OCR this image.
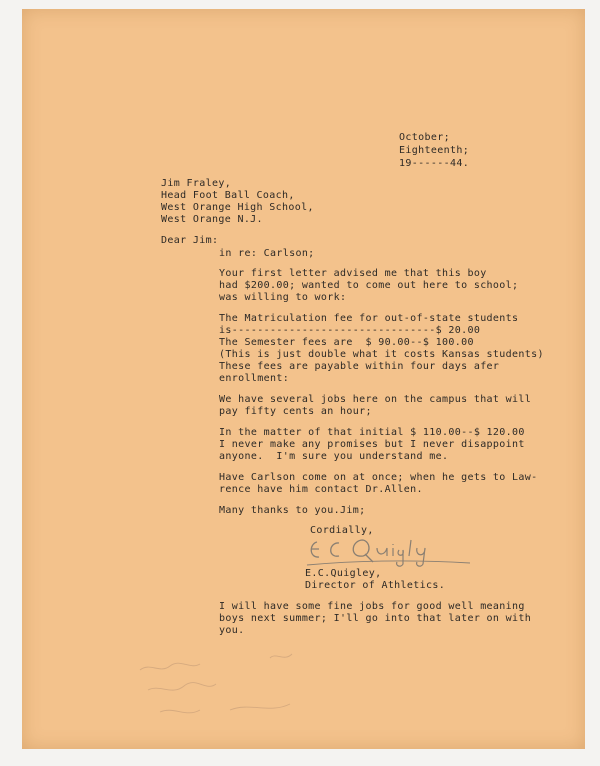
October;
Eighteenth;
19------44.
Jim Fraley,
Head Foot Ball Coach,
West Orange High School,
West Orange N.J.
Dear Jim:
in re: Carlson;
Your first letter advised me that this boy
had $200.00; wanted to come out here to school;
was willing to work:
The Matriculation fee for out-of-state students
is--------------------------------$ 20.00
The Semester fees are  $ 90.00--$ 100.00
(This is just double what it costs Kansas students)
These fees are payable within four days afer
enrollment:
We have several jobs here on the campus that will
pay fifty cents an hour;
In the matter of that initial $ 110.00--$ 120.00
I never make any promises but I never disappoint
anyone.  I'm sure you understand me.
Have Carlson come on at once; when he gets to Law-
rence have him contact Dr.Allen.
Many thanks to you.Jim;
Cordially,
E.C.Quigley,
Director of Athletics.
I will have some fine jobs for good well meaning
boys next summer; I'll go into that later on with
you.
